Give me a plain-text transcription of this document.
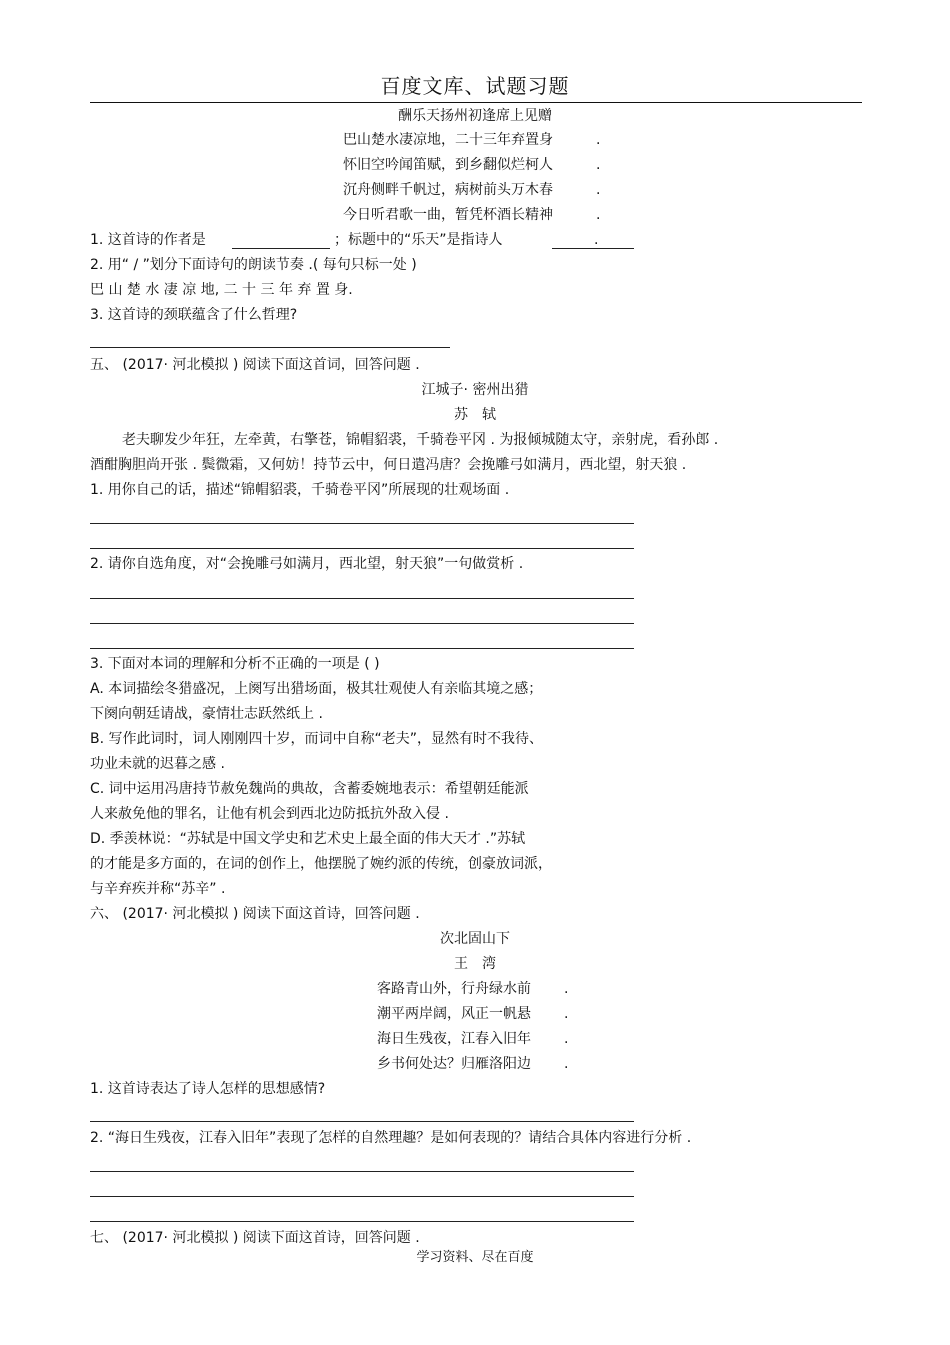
百度文库、试题习题
酬乐天扬州初逢席上见赠
巴山楚水凄凉地，二十三年弃置身	.
怀旧空吟闻笛赋，到乡翻似烂柯人	.
沉舟侧畔千帆过，病树前头万木春	.
今日听君歌一曲，暂凭杯酒长精神	.
1. 这首诗的作者是	；标题中的“乐天”是指诗人	.
2. 用“ / ”划分下面诗句的朗读节奏 .( 每句只标一处 )
巴 山 楚 水 凄 凉 地, 二 十 三 年 弃 置 身.
3. 这首诗的颈联蕴含了什么哲理?
五、 (2017· 河北模拟 ) 阅读下面这首词，回答问题 .
江城子· 密州出猎
苏　轼
老夫聊发少年狂，左牵黄，右擎苍，锦帽貂裘，千骑卷平冈 . 为报倾城随太守，亲射虎，看孙郎 .
酒酣胸胆尚开张 . 鬓微霜，又何妨！持节云中，何日遣冯唐？会挽雕弓如满月，西北望，射天狼 .
1. 用你自己的话，描述“锦帽貂裘，千骑卷平冈”所展现的壮观场面 .
2. 请你自选角度，对“会挽雕弓如满月，西北望，射天狼”一句做赏析 .
3. 下面对本词的理解和分析不正确的一项是 ( )
A. 本词描绘冬猎盛况，上阕写出猎场面，极其壮观使人有亲临其境之感；
下阕向朝廷请战，豪情壮志跃然纸上 .
B. 写作此词时，词人刚刚四十岁，而词中自称“老夫”，显然有时不我待、
功业未就的迟暮之感 .
C. 词中运用冯唐持节赦免魏尚的典故，含蓄委婉地表示：希望朝廷能派
人来赦免他的罪名，让他有机会到西北边防抵抗外敌入侵 .
D. 季羡林说：“苏轼是中国文学史和艺术史上最全面的伟大天才 .”苏轼
的才能是多方面的，在词的创作上，他摆脱了婉约派的传统，创豪放词派，
与辛弃疾并称“苏辛” .
六、 (2017· 河北模拟 ) 阅读下面这首诗，回答问题 .
次北固山下
王　湾
客路青山外，行舟绿水前 .
潮平两岸阔，风正一帆悬 .
海日生残夜，江春入旧年 .
乡书何处达？归雁洛阳边 .
1. 这首诗表达了诗人怎样的思想感情?
2. “海日生残夜，江春入旧年”表现了怎样的自然理趣？是如何表现的？请结合具体内容进行分析 .
七、 (2017· 河北模拟 ) 阅读下面这首诗，回答问题 .
学习资料、尽在百度
